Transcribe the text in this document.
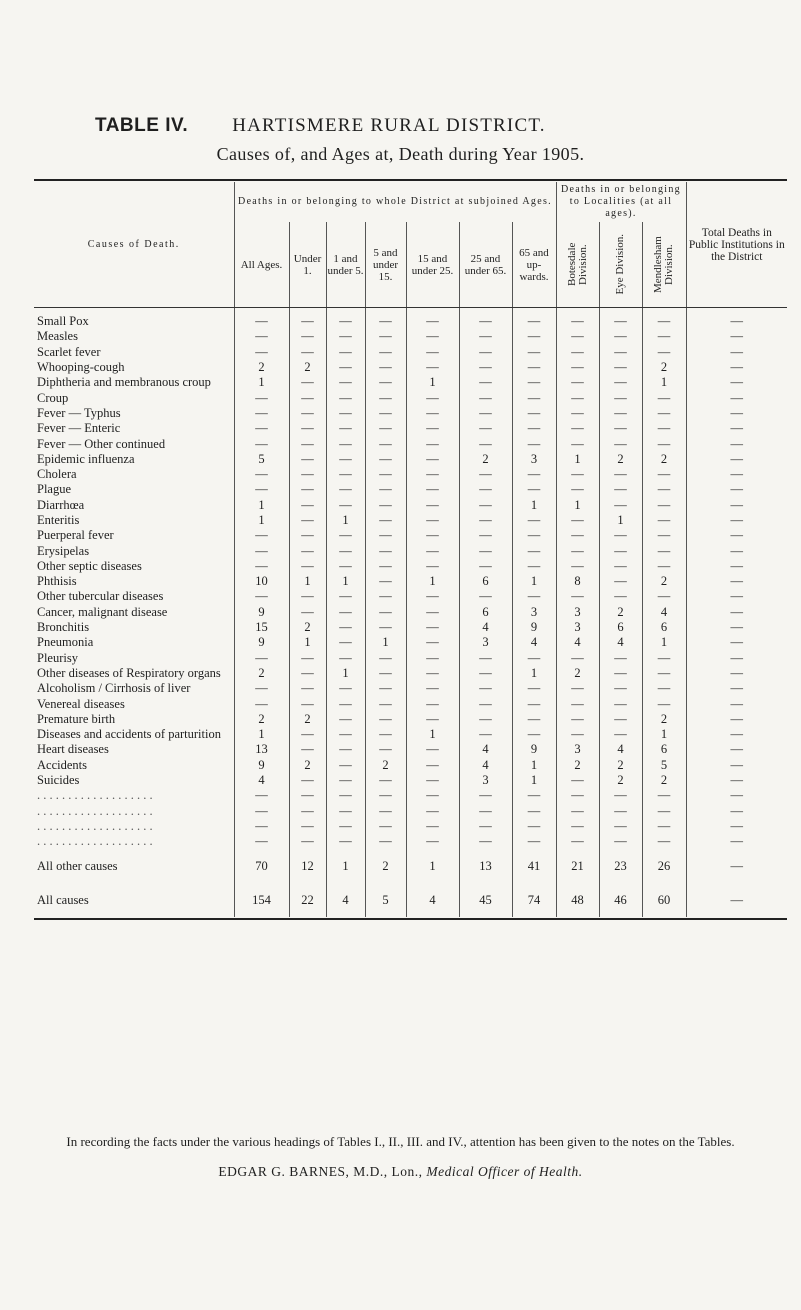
TABLE IV. HARTISMERE RURAL DISTRICT.
Causes of, and Ages at, Death during Year 1905.
Causes of Death.	Deaths in or belonging to whole District at subjoined Ages.							Deaths in or belonging to Localities (at all ages).			Total Deaths in Public Institutions in the District
	All Ages.	Under 1.	1 and under 5.	5 and under 15.	15 and under 25.	25 and under 65.	65 and up-wards.	Botesdale Division.	Eye Division.	Mendlesham Division.	

Small Pox	—	—	—	—	—	—	—	—	—	—	—
Measles	—	—	—	—	—	—	—	—	—	—	—
Scarlet fever	—	—	—	—	—	—	—	—	—	—	—
Whooping-cough	2	2	—	—	—	—	—	—	—	2	—
Diphtheria and membranous croup	1	—	—	—	1	—	—	—	—	1	—
Croup	—	—	—	—	—	—	—	—	—	—	—
Fever — Typhus	—	—	—	—	—	—	—	—	—	—	—
Fever — Enteric	—	—	—	—	—	—	—	—	—	—	—
Fever — Other continued	—	—	—	—	—	—	—	—	—	—	—
Epidemic influenza	5	—	—	—	—	2	3	1	2	2	—
Cholera	—	—	—	—	—	—	—	—	—	—	—
Plague	—	—	—	—	—	—	—	—	—	—	—
Diarrhœa	1	—	—	—	—	—	1	1	—	—	—
Enteritis	1	—	1	—	—	—	—	—	1	—	—
Puerperal fever	—	—	—	—	—	—	—	—	—	—	—
Erysipelas	—	—	—	—	—	—	—	—	—	—	—
Other septic diseases	—	—	—	—	—	—	—	—	—	—	—
Phthisis	10	1	1	—	1	6	1	8	—	2	—
Other tubercular diseases	—	—	—	—	—	—	—	—	—	—	—
Cancer, malignant disease	9	—	—	—	—	6	3	3	2	4	—
Bronchitis	15	2	—	—	—	4	9	3	6	6	—
Pneumonia	9	1	—	1	—	3	4	4	4	1	—
Pleurisy	—	—	—	—	—	—	—	—	—	—	—
Other diseases of Respiratory organs	2	—	1	—	—	—	1	2	—	—	—
Alcoholism / Cirrhosis of liver	—	—	—	—	—	—	—	—	—	—	—
Venereal diseases	—	—	—	—	—	—	—	—	—	—	—
Premature birth	2	2	—	—	—	—	—	—	—	2	—
Diseases and accidents of parturition	1	—	—	—	1	—	—	—	—	1	—
Heart diseases	13	—	—	—	—	4	9	3	4	6	—
Accidents	9	2	—	2	—	4	1	2	2	5	—
Suicides	4	—	—	—	—	3	1	—	2	2	—
. . . . . . . . . . . . . . . . . . .	—	—	—	—	—	—	—	—	—	—	—
. . . . . . . . . . . . . . . . . . .	—	—	—	—	—	—	—	—	—	—	—
. . . . . . . . . . . . . . . . . . .	—	—	—	—	—	—	—	—	—	—	—
. . . . . . . . . . . . . . . . . . .	—	—	—	—	—	—	—	—	—	—	—
All other causes	70	12	1	2	1	13	41	21	23	26	—
All causes	154	22	4	5	4	45	74	48	46	60	—
In recording the facts under the various headings of Tables I., II., III. and IV., attention has been given to the notes on the Tables.
EDGAR G. BARNES, M.D., Lon., Medical Officer of Health.
